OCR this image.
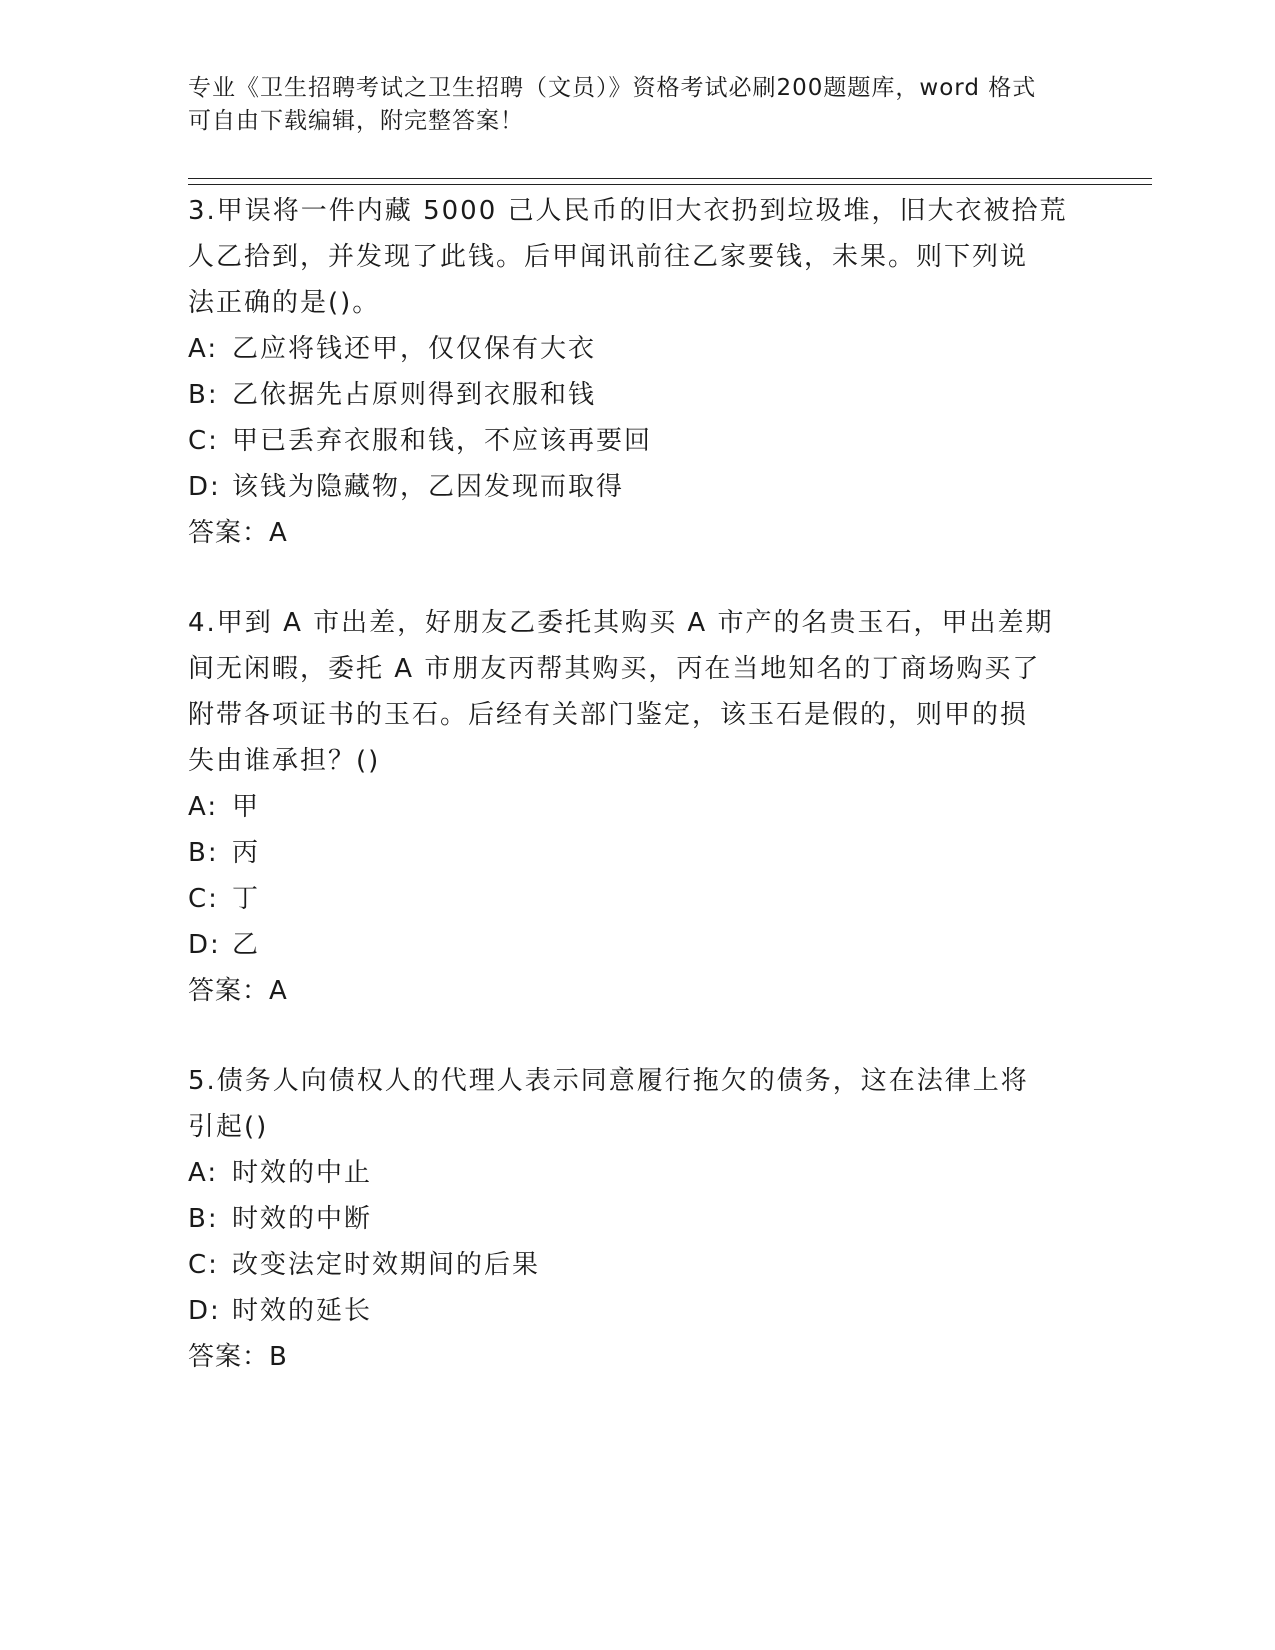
专业《卫生招聘考试之卫生招聘（文员）》资格考试必刷200题题库，word 格式
可自由下载编辑，附完整答案！
3.甲误将一件内藏 5000 己人民币的旧大衣扔到垃圾堆，旧大衣被拾荒
人乙拾到，并发现了此钱。后甲闻讯前往乙家要钱，未果。则下列说
法正确的是()。
A: 乙应将钱还甲，仅仅保有大衣
B: 乙依据先占原则得到衣服和钱
C: 甲已丢弃衣服和钱，不应该再要回
D: 该钱为隐藏物，乙因发现而取得
答案：A
4.甲到 A 市出差，好朋友乙委托其购买 A 市产的名贵玉石，甲出差期
间无闲暇，委托 A 市朋友丙帮其购买，丙在当地知名的丁商场购买了
附带各项证书的玉石。后经有关部门鉴定，该玉石是假的，则甲的损
失由谁承担？()
A: 甲
B: 丙
C: 丁
D: 乙
答案：A
5.债务人向债权人的代理人表示同意履行拖欠的债务，这在法律上将
引起()
A: 时效的中止
B: 时效的中断
C: 改变法定时效期间的后果
D: 时效的延长
答案：B
